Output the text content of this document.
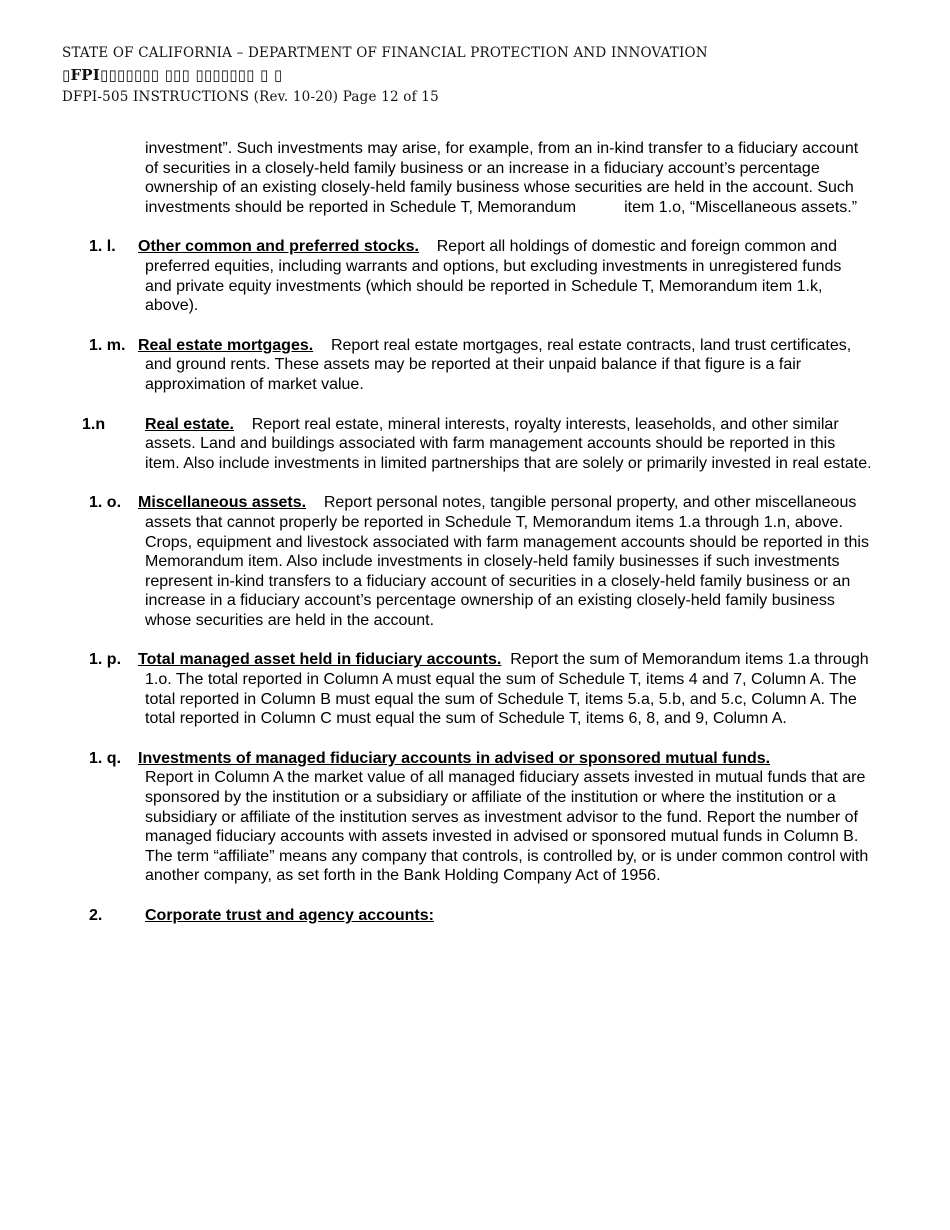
STATE OF CALIFORNIA – DEPARTMENT OF FINANCIAL PROTECTION AND INNOVATION
▯FPI▯▯▯▯▯▯▯ ▯▯▯ ▯▯▯▯▯▯▯ ▯ ▯
DFPI-505 INSTRUCTIONS (Rev. 10-20) Page 12 of 15
investment”. Such investments may arise, for example, from an in-kind transfer to a fiduciary account of securities in a closely-held family business or an increase in a fiduciary account’s percentage ownership of an existing closely-held family business whose securities are held in the account. Such investments should be reported in Schedule T, Memorandum	item 1.o, “Miscellaneous assets.”
1. l.	Other common and preferred stocks. Report all holdings of domestic and foreign common and preferred equities, including warrants and options, but excluding investments in unregistered funds and private equity investments (which should be reported in Schedule T, Memorandum item 1.k, above).
1. m. Real estate mortgages. Report real estate mortgages, real estate contracts, land trust certificates, and ground rents. These assets may be reported at their unpaid balance if that figure is a fair approximation of market value.
1.n	Real estate. Report real estate, mineral interests, royalty interests, leaseholds, and other similar assets. Land and buildings associated with farm management accounts should be reported in this item. Also include investments in limited partnerships that are solely or primarily invested in real estate.
1. o.	Miscellaneous assets. Report personal notes, tangible personal property, and other miscellaneous assets that cannot properly be reported in Schedule T, Memorandum items 1.a through 1.n, above. Crops, equipment and livestock associated with farm management accounts should be reported in this Memorandum item. Also include investments in closely-held family businesses if such investments represent in-kind transfers to a fiduciary account of securities in a closely-held family business or an increase in a fiduciary account’s percentage ownership of an existing closely-held family business whose securities are held in the account.
1. p.	Total managed asset held in fiduciary accounts. Report the sum of Memorandum items 1.a through 1.o. The total reported in Column A must equal the sum of Schedule T, items 4 and 7, Column A. The total reported in Column B must equal the sum of Schedule T, items 5.a, 5.b, and 5.c, Column A. The total reported in Column C must equal the sum of Schedule T, items 6, 8, and 9, Column A.
1. q.	Investments of managed fiduciary accounts in advised or sponsored mutual funds.
Report in Column A the market value of all managed fiduciary assets invested in mutual funds that are sponsored by the institution or a subsidiary or affiliate of the institution or where the institution or a subsidiary or affiliate of the institution serves as investment advisor to the fund. Report the number of managed fiduciary accounts with assets invested in advised or sponsored mutual funds in Column B. The term “affiliate” means any company that controls, is controlled by, or is under common control with another company, as set forth in the Bank Holding Company Act of 1956.
2.	Corporate trust and agency accounts:
